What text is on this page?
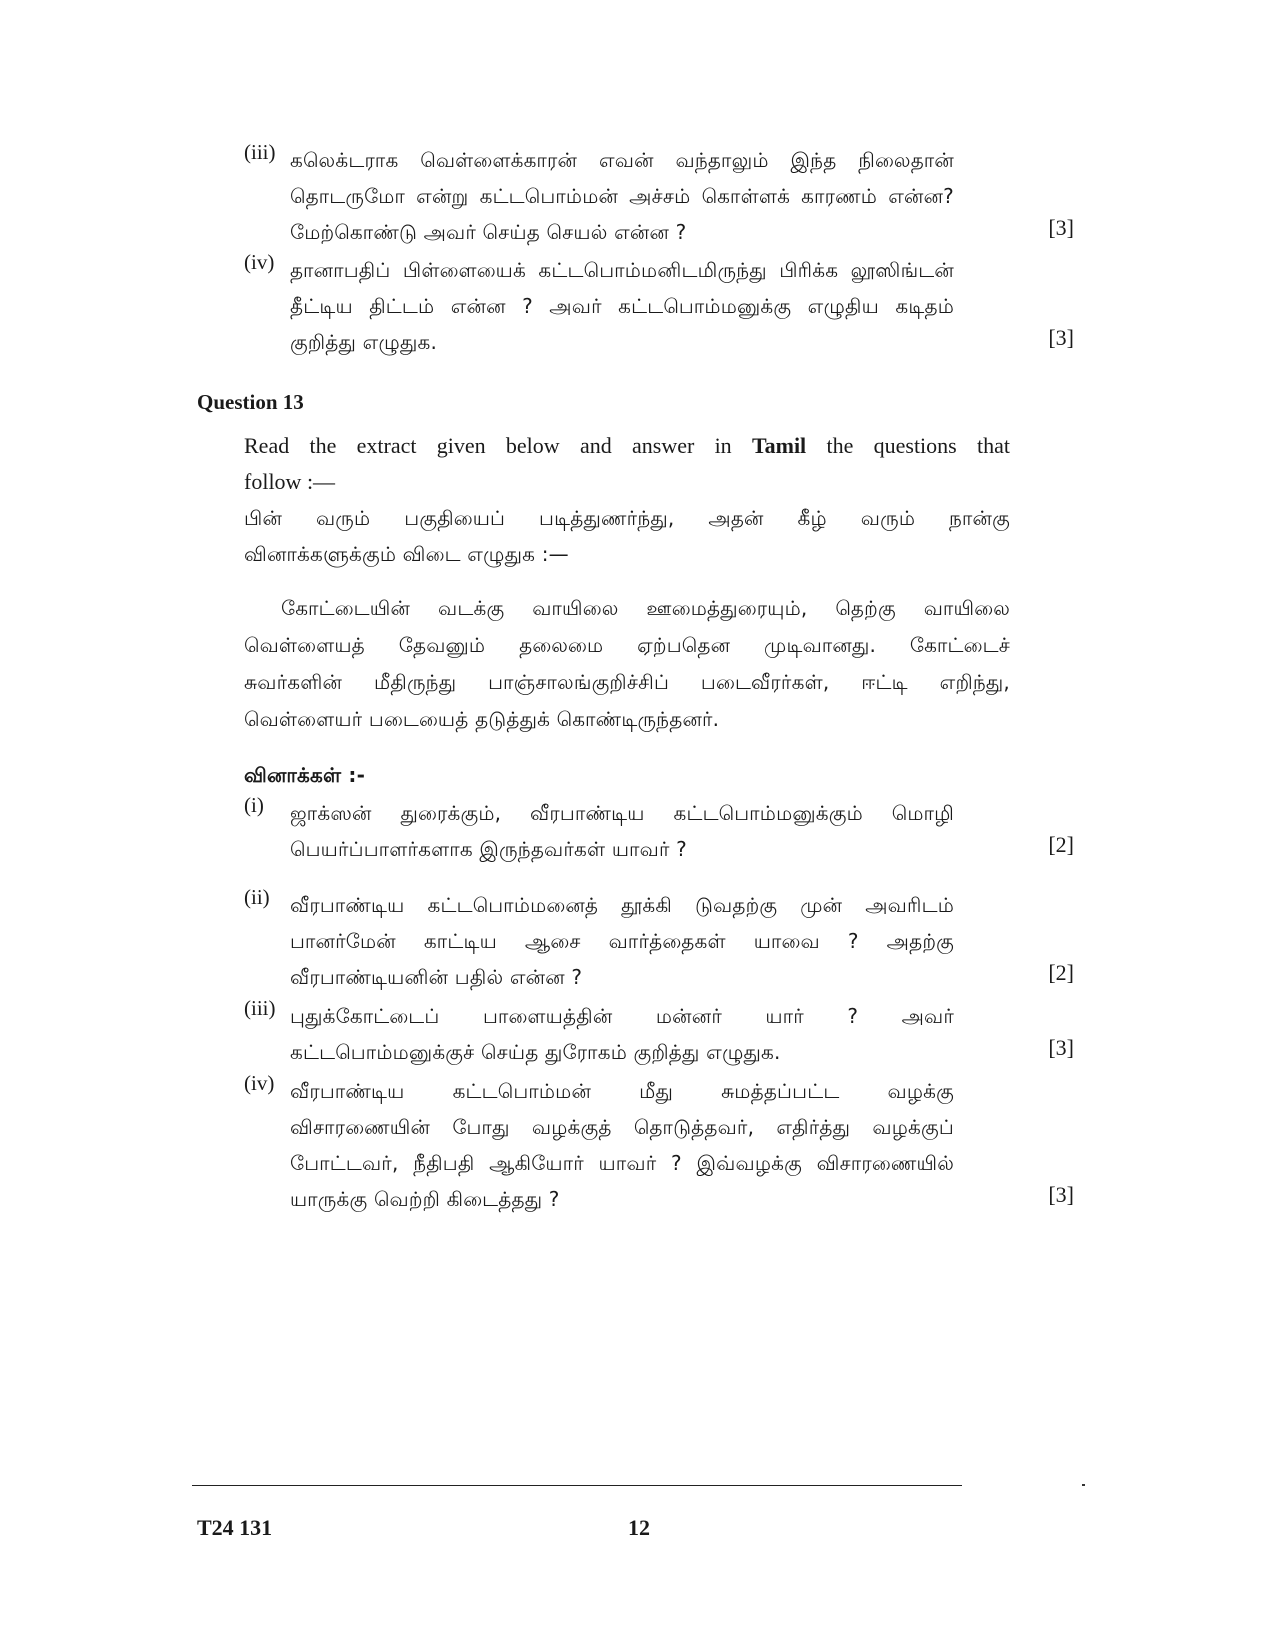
(iii) கலெக்டராக வெள்ளைக்காரன் எவன் வந்தாலும் இந்த நிலைதான்
தொடருமோ என்று கட்டபொம்மன் அச்சம் கொள்ளக் காரணம் என்ன?
மேற்கொண்டு அவர் செய்த செயல் என்ன ?	[3]
(iv) தானாபதிப் பிள்ளையைக் கட்டபொம்மனிடமிருந்து பிரிக்க லூஸிங்டன்
தீட்டிய திட்டம் என்ன ? அவர் கட்டபொம்மனுக்கு எழுதிய கடிதம்
குறித்து எழுதுக.	[3]
Question 13
Read the extract given below and answer in Tamil the questions that
follow :—
பின் வரும் பகுதியைப் படித்துணர்ந்து, அதன் கீழ் வரும் நான்கு
வினாக்களுக்கும் விடை எழுதுக :—
கோட்டையின் வடக்கு வாயிலை ஊமைத்துரையும், தெற்கு வாயிலை
வெள்ளையத் தேவனும் தலைமை ஏற்பதென முடிவானது. கோட்டைச்
சுவர்களின் மீதிருந்து பாஞ்சாலங்குறிச்சிப் படைவீரர்கள், ஈட்டி எறிந்து,
வெள்ளையர் படையைத் தடுத்துக் கொண்டிருந்தனர்.
வினாக்கள் :-
(i)	ஜாக்ஸன் துரைக்கும், வீரபாண்டிய கட்டபொம்மனுக்கும் மொழி
பெயர்ப்பாளர்களாக இருந்தவர்கள் யாவர் ?	[2]
(ii)	வீரபாண்டிய கட்டபொம்மனைத் தூக்கி டுவதற்கு முன் அவரிடம்
பானர்மேன் காட்டிய ஆசை வார்த்தைகள் யாவை ? அதற்கு
வீரபாண்டியனின் பதில் என்ன ?	[2]
(iii) புதுக்கோட்டைப் பாளையத்தின் மன்னர் யார் ? அவர்
கட்டபொம்மனுக்குச் செய்த துரோகம் குறித்து எழுதுக.	[3]
(iv) வீரபாண்டிய கட்டபொம்மன் மீது சுமத்தப்பட்ட வழக்கு
விசாரணையின் போது வழக்குத் தொடுத்தவர், எதிர்த்து வழக்குப்
போட்டவர், நீதிபதி ஆகியோர் யாவர் ? இவ்வழக்கு விசாரணையில்
யாருக்கு வெற்றி கிடைத்தது ?	[3]
T24 131	12
